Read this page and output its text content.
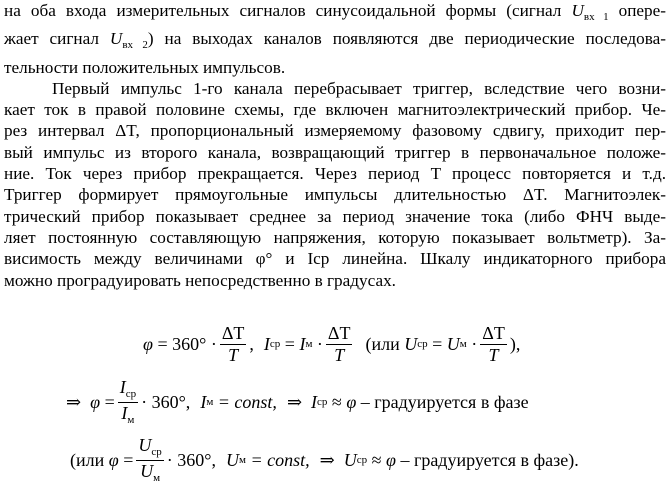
на оба входа измерительных сигналов синусоидальной формы (сигнал $U_{вх 1}$ опере-
жает сигнал $U_{вх 2}$) на выходах каналов появляются две периодические последова-
тельности положительных импульсов.

Первый импульс 1-го канала перебрасывает триггер, вследствие чего возни-
кает ток в правой половине схемы, где включен магнитоэлектрический прибор. Че-
рез интервал ΔT, пропорциональный измеряемому фазовому сдвигу, приходит пер-
вый импульс из второго канала, возвращающий триггер в первоначальное положе-
ние. Ток через прибор прекращается. Через период T процесс повторяется и т.д.
Триггер формирует прямоугольные импульсы длительностью ΔT. Магнитоэлек-
трический прибор показывает среднее за период значение тока (либо ФНЧ выде-
ляет постоянную составляющую напряжения, которую показывает вольтметр). За-
висимость между величинами φ° и Iср линейна. Шкалу индикаторного прибора
можно проградуировать непосредственно в градусах.

φ
= $360^\circ \cdot \frac{\Delta T}{T}$ , I ср
=
I м
· $\frac{\Delta T}{T} (или$
U ср
=
U м
· $\frac{\Delta T}{T}$ ),
⇒
φ
= $\frac{I_{ср}}{I_м} \cdot 360^\circ$, I м
= const, ⇒
I ср
≈
φ
– градуируется в фазе
(или
φ
= $\frac{U_{ср}}{U_м} \cdot 360^\circ$, U м
= const, ⇒
U ср
≈
φ
– градуируется в фазе).
